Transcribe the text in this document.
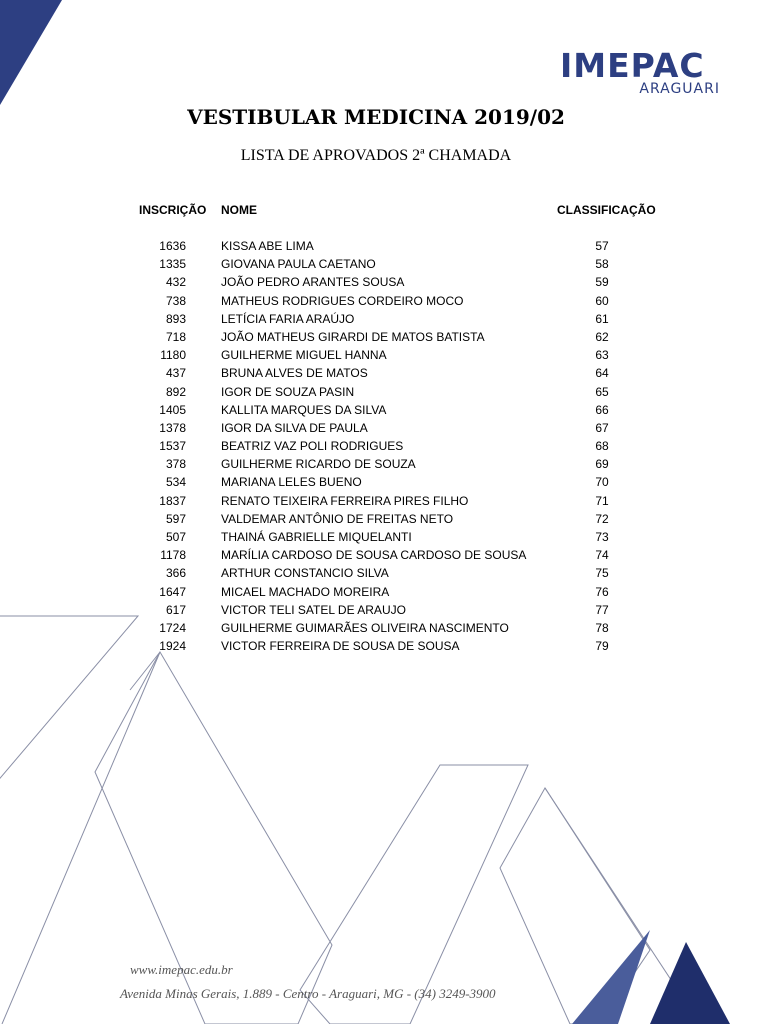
IMEPAC
ARAGUARI
VESTIBULAR MEDICINA 2019/02
LISTA DE APROVADOS 2ª CHAMADA
INSCRIÇÃO NOME	CLASSIFICAÇÃO
1636	KISSA ABE LIMA	57
1335	GIOVANA PAULA CAETANO	58
432	JOÃO PEDRO ARANTES SOUSA	59
738	MATHEUS RODRIGUES CORDEIRO MOCO	60
893	LETÍCIA FARIA ARAÚJO	61
718	JOÃO MATHEUS GIRARDI DE MATOS BATISTA	62
1180	GUILHERME MIGUEL HANNA	63
437	BRUNA ALVES DE MATOS	64
892	IGOR DE SOUZA PASIN	65
1405	KALLITA MARQUES DA SILVA	66
1378	IGOR DA SILVA DE PAULA	67
1537	BEATRIZ VAZ POLI RODRIGUES	68
378	GUILHERME RICARDO DE SOUZA	69
534	MARIANA LELES BUENO	70
1837	RENATO TEIXEIRA FERREIRA PIRES FILHO	71
597	VALDEMAR ANTÔNIO DE FREITAS NETO	72
507	THAINÁ GABRIELLE MIQUELANTI	73
1178	MARÍLIA CARDOSO DE SOUSA CARDOSO DE SOUSA	74
366	ARTHUR CONSTANCIO SILVA	75
1647	MICAEL MACHADO MOREIRA	76
617	VICTOR TELI SATEL DE ARAUJO	77
1724	GUILHERME GUIMARÃES OLIVEIRA NASCIMENTO	78
1924	VICTOR FERREIRA DE SOUSA DE SOUSA	79
www.imepac.edu.br
Avenida Minas Gerais, 1.889 - Centro - Araguari, MG - (34) 3249-3900
